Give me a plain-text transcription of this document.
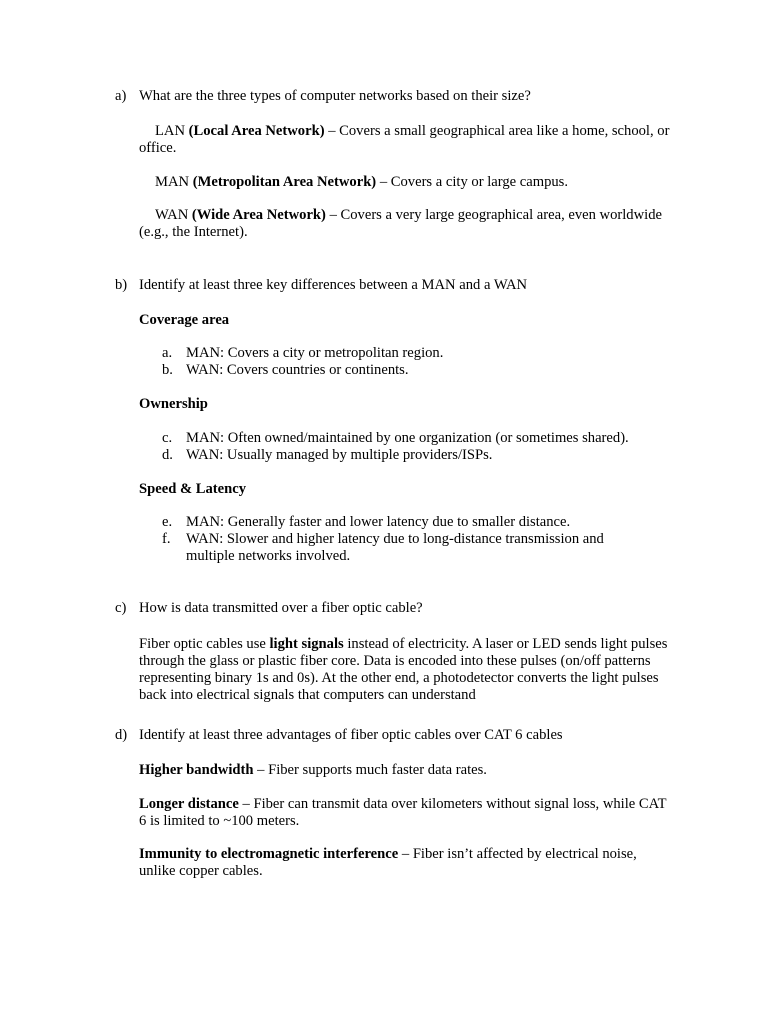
a) What are the three types of computer networks based on their size?
LAN (Local Area Network) – Covers a small geographical area like a home, school, or office.
MAN (Metropolitan Area Network) – Covers a city or large campus.
WAN (Wide Area Network) – Covers a very large geographical area, even worldwide (e.g., the Internet).
b) Identify at least three key differences between a MAN and a WAN
Coverage area
a. MAN: Covers a city or metropolitan region.
b. WAN: Covers countries or continents.
Ownership
c. MAN: Often owned/maintained by one organization (or sometimes shared).
d. WAN: Usually managed by multiple providers/ISPs.
Speed & Latency
e. MAN: Generally faster and lower latency due to smaller distance.
f. WAN: Slower and higher latency due to long-distance transmission and multiple networks involved.
c) How is data transmitted over a fiber optic cable?
Fiber optic cables use light signals instead of electricity. A laser or LED sends light pulses through the glass or plastic fiber core. Data is encoded into these pulses (on/off patterns representing binary 1s and 0s). At the other end, a photodetector converts the light pulses back into electrical signals that computers can understand
d) Identify at least three advantages of fiber optic cables over CAT 6 cables
Higher bandwidth – Fiber supports much faster data rates.
Longer distance – Fiber can transmit data over kilometers without signal loss, while CAT 6 is limited to ~100 meters.
Immunity to electromagnetic interference – Fiber isn’t affected by electrical noise, unlike copper cables.
